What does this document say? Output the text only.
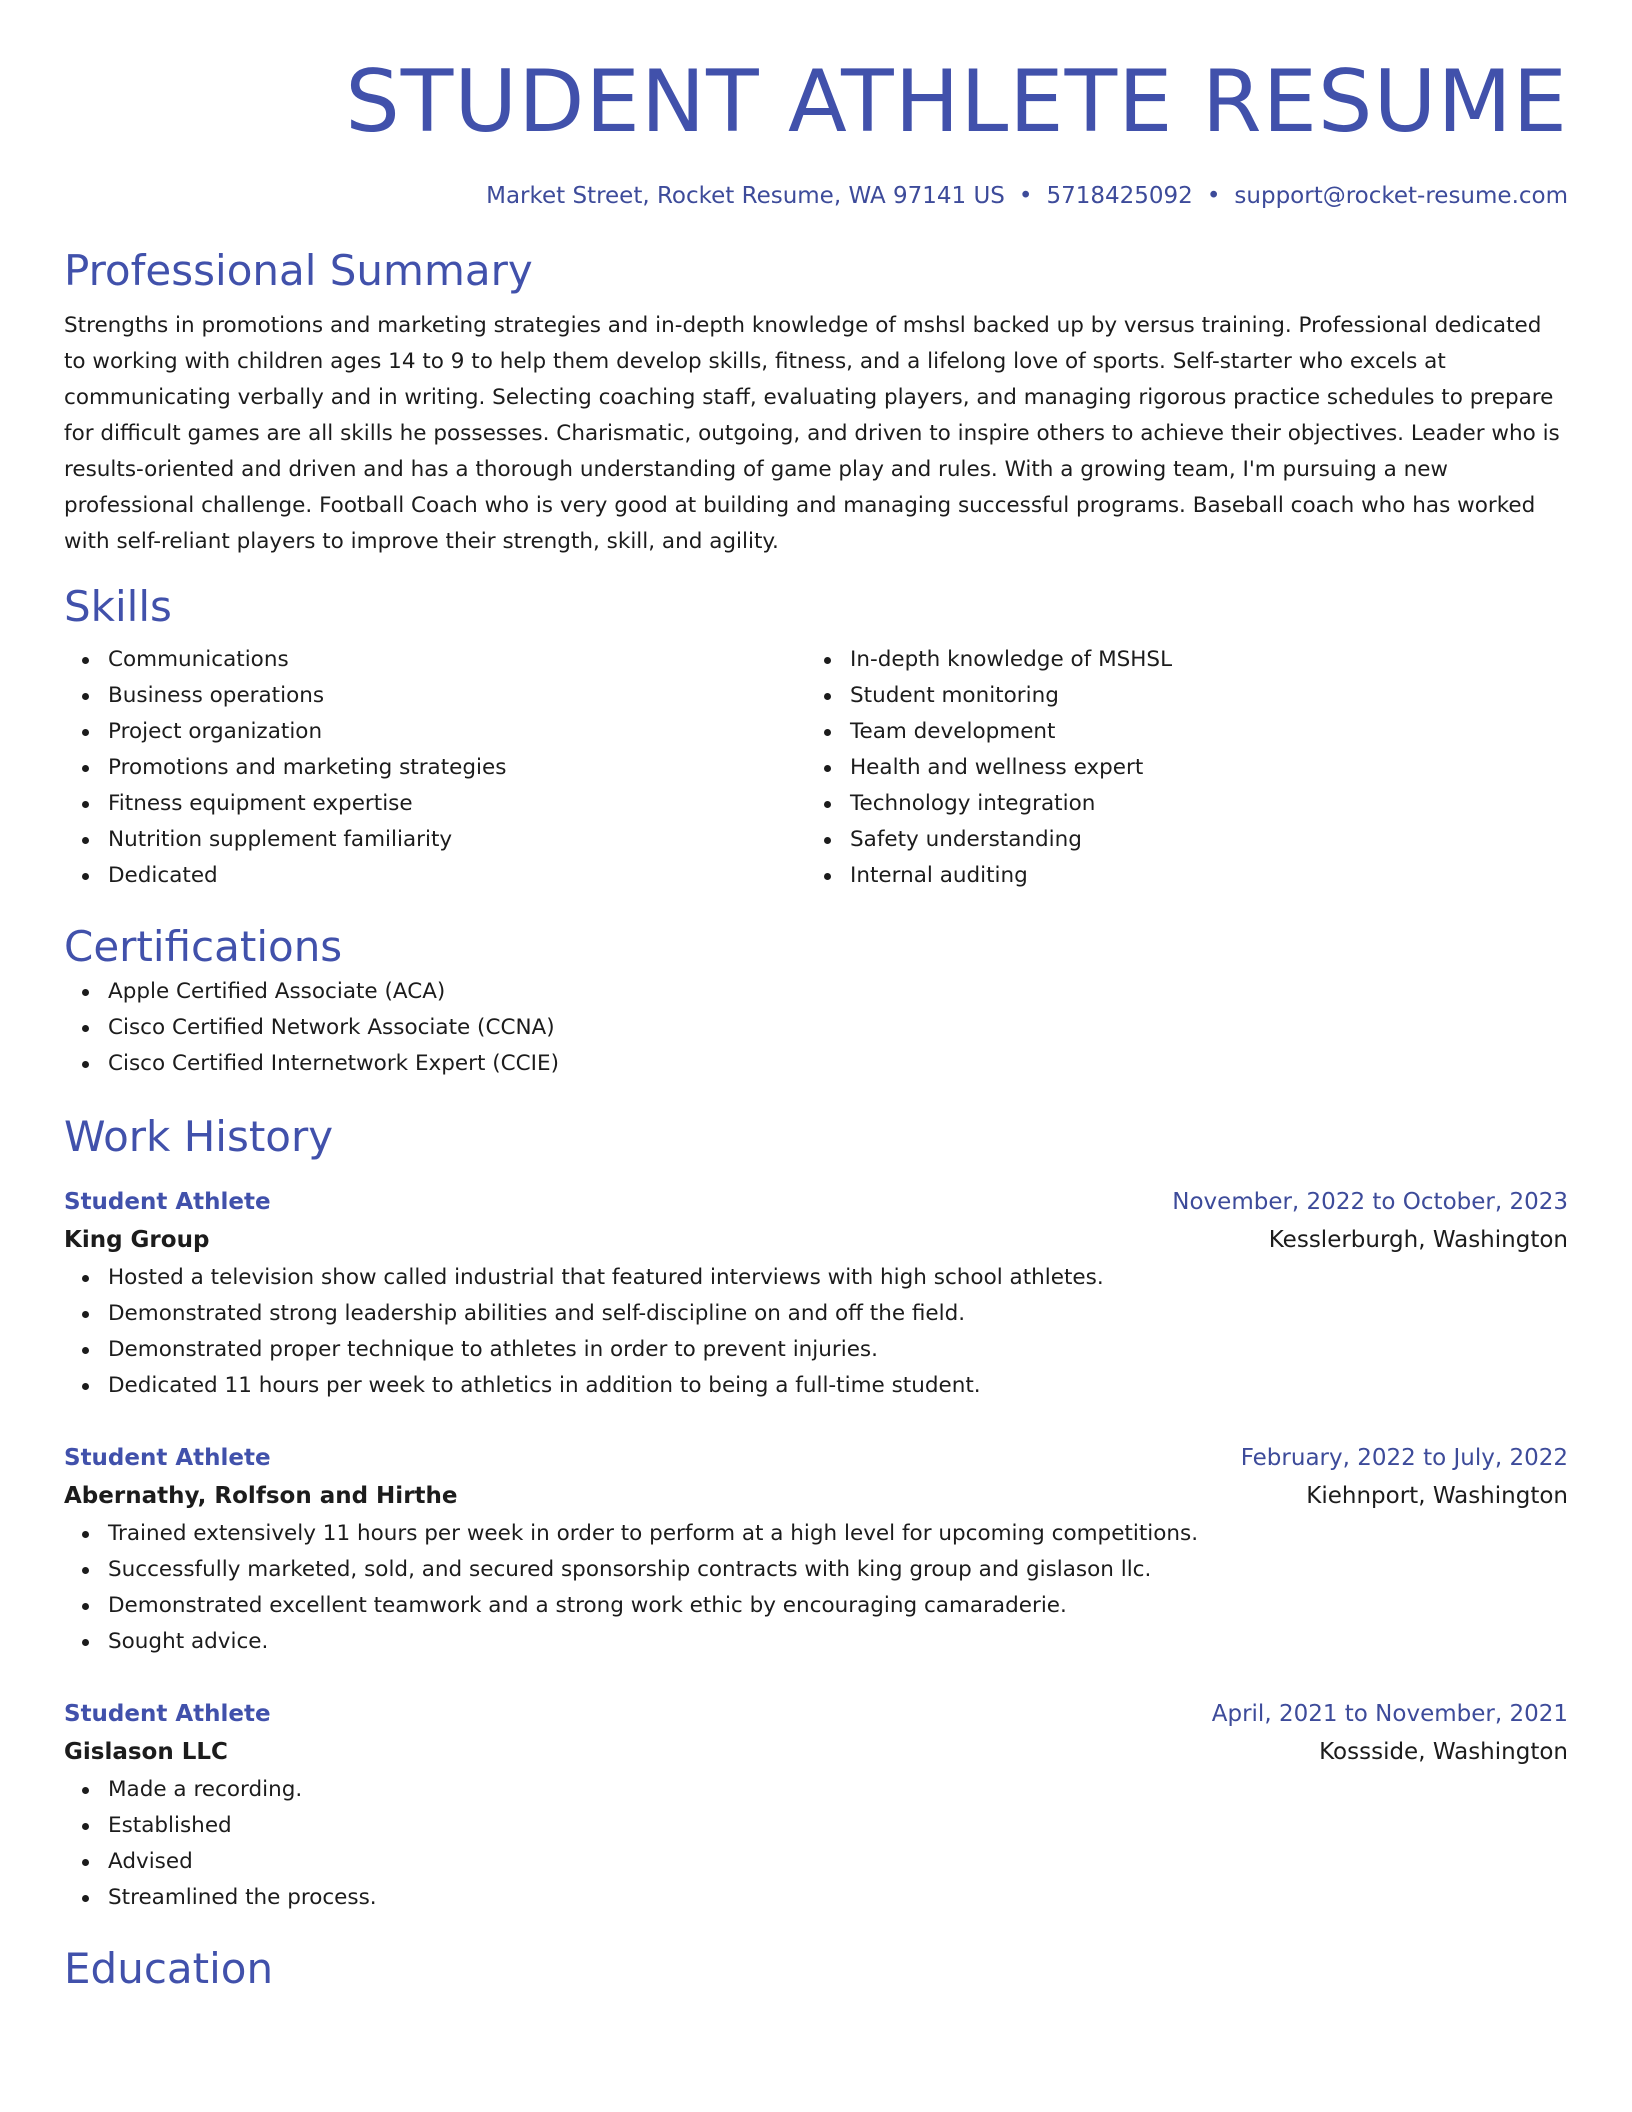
STUDENT ATHLETE RESUME
Market Street, Rocket Resume, WA 97141 US • 5718425092 • support@rocket-resume.com
Professional Summary
Strengths in promotions and marketing strategies and in-depth knowledge of mshsl backed up by versus training. Professional dedicated to working with children ages 14 to 9 to help them develop skills, fitness, and a lifelong love of sports. Self-starter who excels at communicating verbally and in writing. Selecting coaching staff, evaluating players, and managing rigorous practice schedules to prepare for difficult games are all skills he possesses. Charismatic, outgoing, and driven to inspire others to achieve their objectives. Leader who is results-oriented and driven and has a thorough understanding of game play and rules. With a growing team, I'm pursuing a new professional challenge. Football Coach who is very good at building and managing successful programs. Baseball coach who has worked with self-reliant players to improve their strength, skill, and agility.
Skills
Communications
Business operations
Project organization
Promotions and marketing strategies
Fitness equipment expertise
Nutrition supplement familiarity
Dedicated
In-depth knowledge of MSHSL
Student monitoring
Team development
Health and wellness expert
Technology integration
Safety understanding
Internal auditing
Certifications
Apple Certified Associate (ACA)
Cisco Certified Network Associate (CCNA)
Cisco Certified Internetwork Expert (CCIE)
Work History
Student Athlete	November, 2022 to October, 2023
King Group	Kesslerburgh, Washington
Hosted a television show called industrial that featured interviews with high school athletes.
Demonstrated strong leadership abilities and self-discipline on and off the field.
Demonstrated proper technique to athletes in order to prevent injuries.
Dedicated 11 hours per week to athletics in addition to being a full-time student.
Student Athlete	February, 2022 to July, 2022
Abernathy, Rolfson and Hirthe	Kiehnport, Washington
Trained extensively 11 hours per week in order to perform at a high level for upcoming competitions.
Successfully marketed, sold, and secured sponsorship contracts with king group and gislason llc.
Demonstrated excellent teamwork and a strong work ethic by encouraging camaraderie.
Sought advice.
Student Athlete	April, 2021 to November, 2021
Gislason LLC	Kossside, Washington
Made a recording.
Established
Advised
Streamlined the process.
Education
